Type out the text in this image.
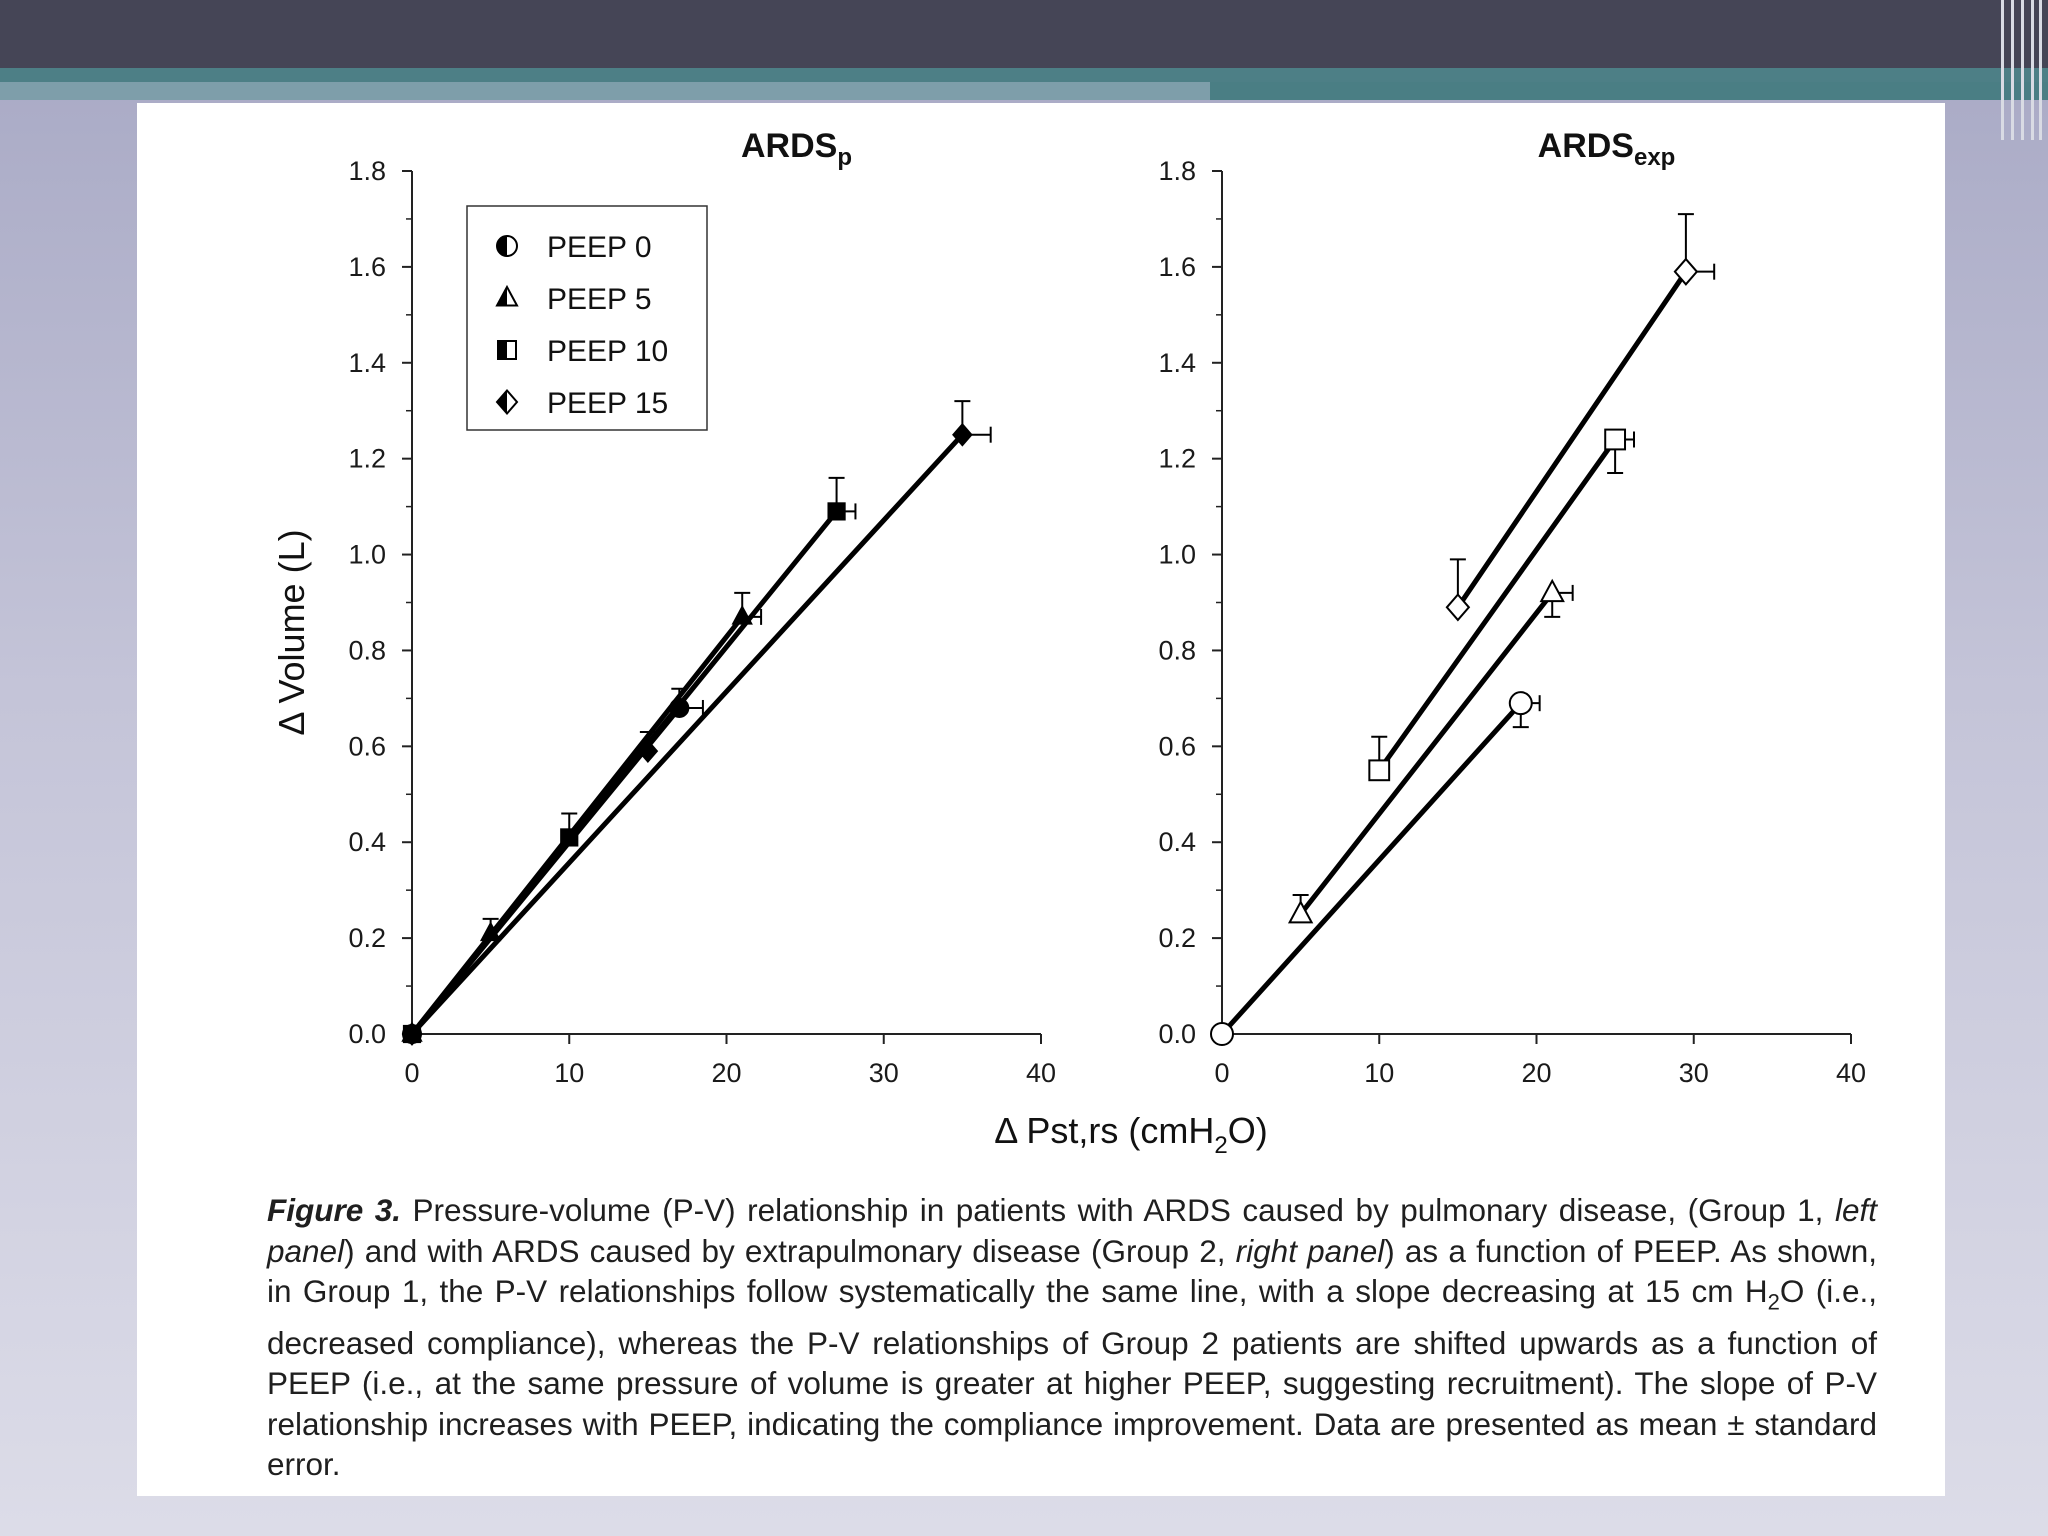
0.0
0.2
0.4
0.6
0.8
1.0
1.2
1.4
1.6
1.8
0	10	20	30	40
$ARDS_p$
Δ Volume (L)
PEEP 0
PEEP 5
PEEP 10
PEEP 15
0.0
0.2
0.4
0.6
0.8
1.0
1.2
1.4
1.6
1.8
0	10	20	30	40
$ARDS_{exp}$
Δ Pst,rs (cmH$_2$O)
Figure 3. Pressure-volume (P-V) relationship in patients with ARDS caused by pulmonary disease, (Group 1, left panel) and with ARDS caused by extrapulmonary disease (Group 2, right panel) as a function of PEEP. As shown, in Group 1, the P-V relationships follow systematically the same line, with a slope decreasing at 15 cm $H_2O$ (i.e., decreased compliance), whereas the P-V relationships of Group 2 patients are shifted upwards as a function of PEEP (i.e., at the same pressure of volume is greater at higher PEEP, suggesting recruitment). The slope of P-V relationship increases with PEEP, indicating the compliance improvement. Data are presented as mean ± standard error.
